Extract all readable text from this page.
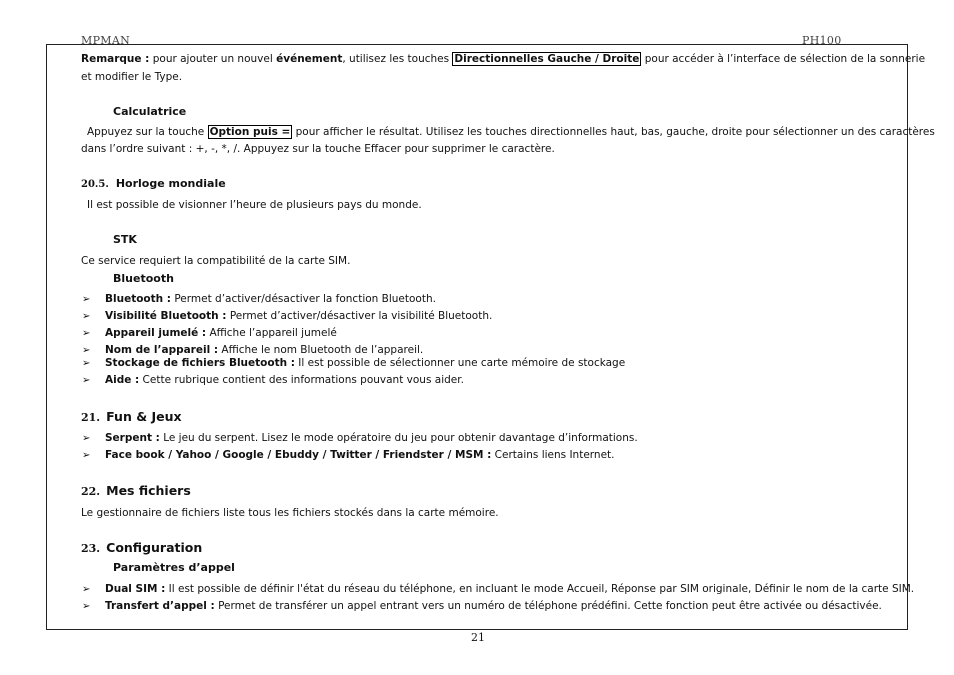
MPMAN	PH100
Remarque : pour ajouter un nouvel événement, utilisez les touches Directionnelles Gauche / Droite pour accéder à l’interface de sélection de la sonnerie
et modifier le Type.
Calculatrice
Appuyez sur la touche Option puis = pour afficher le résultat. Utilisez les touches directionnelles haut, bas, gauche, droite pour sélectionner un des caractères
dans l’ordre suivant : +, -, *, /. Appuyez sur la touche Effacer pour supprimer le caractère.
20.5. Horloge mondiale
Il est possible de visionner l’heure de plusieurs pays du monde.
STK
Ce service requiert la compatibilité de la carte SIM.
Bluetooth
➢ Bluetooth : Permet d’activer/désactiver la fonction Bluetooth.
➢ Visibilité Bluetooth : Permet d’activer/désactiver la visibilité Bluetooth.
➢ Appareil jumelé : Affiche l’appareil jumelé
➢ Nom de l’appareil : Affiche le nom Bluetooth de l’appareil.
➢ Stockage de fichiers Bluetooth : Il est possible de sélectionner une carte mémoire de stockage
➢ Aide : Cette rubrique contient des informations pouvant vous aider.
21. Fun & Jeux
➢ Serpent : Le jeu du serpent. Lisez le mode opératoire du jeu pour obtenir davantage d’informations.
➢ Face book / Yahoo / Google / Ebuddy / Twitter / Friendster / MSM : Certains liens Internet.
22. Mes fichiers
Le gestionnaire de fichiers liste tous les fichiers stockés dans la carte mémoire.
23. Configuration
Paramètres d’appel
➢ Dual SIM : Il est possible de définir l'état du réseau du téléphone, en incluant le mode Accueil, Réponse par SIM originale, Définir le nom de la carte SIM.
➢ Transfert d’appel : Permet de transférer un appel entrant vers un numéro de téléphone prédéfini. Cette fonction peut être activée ou désactivée.
21
